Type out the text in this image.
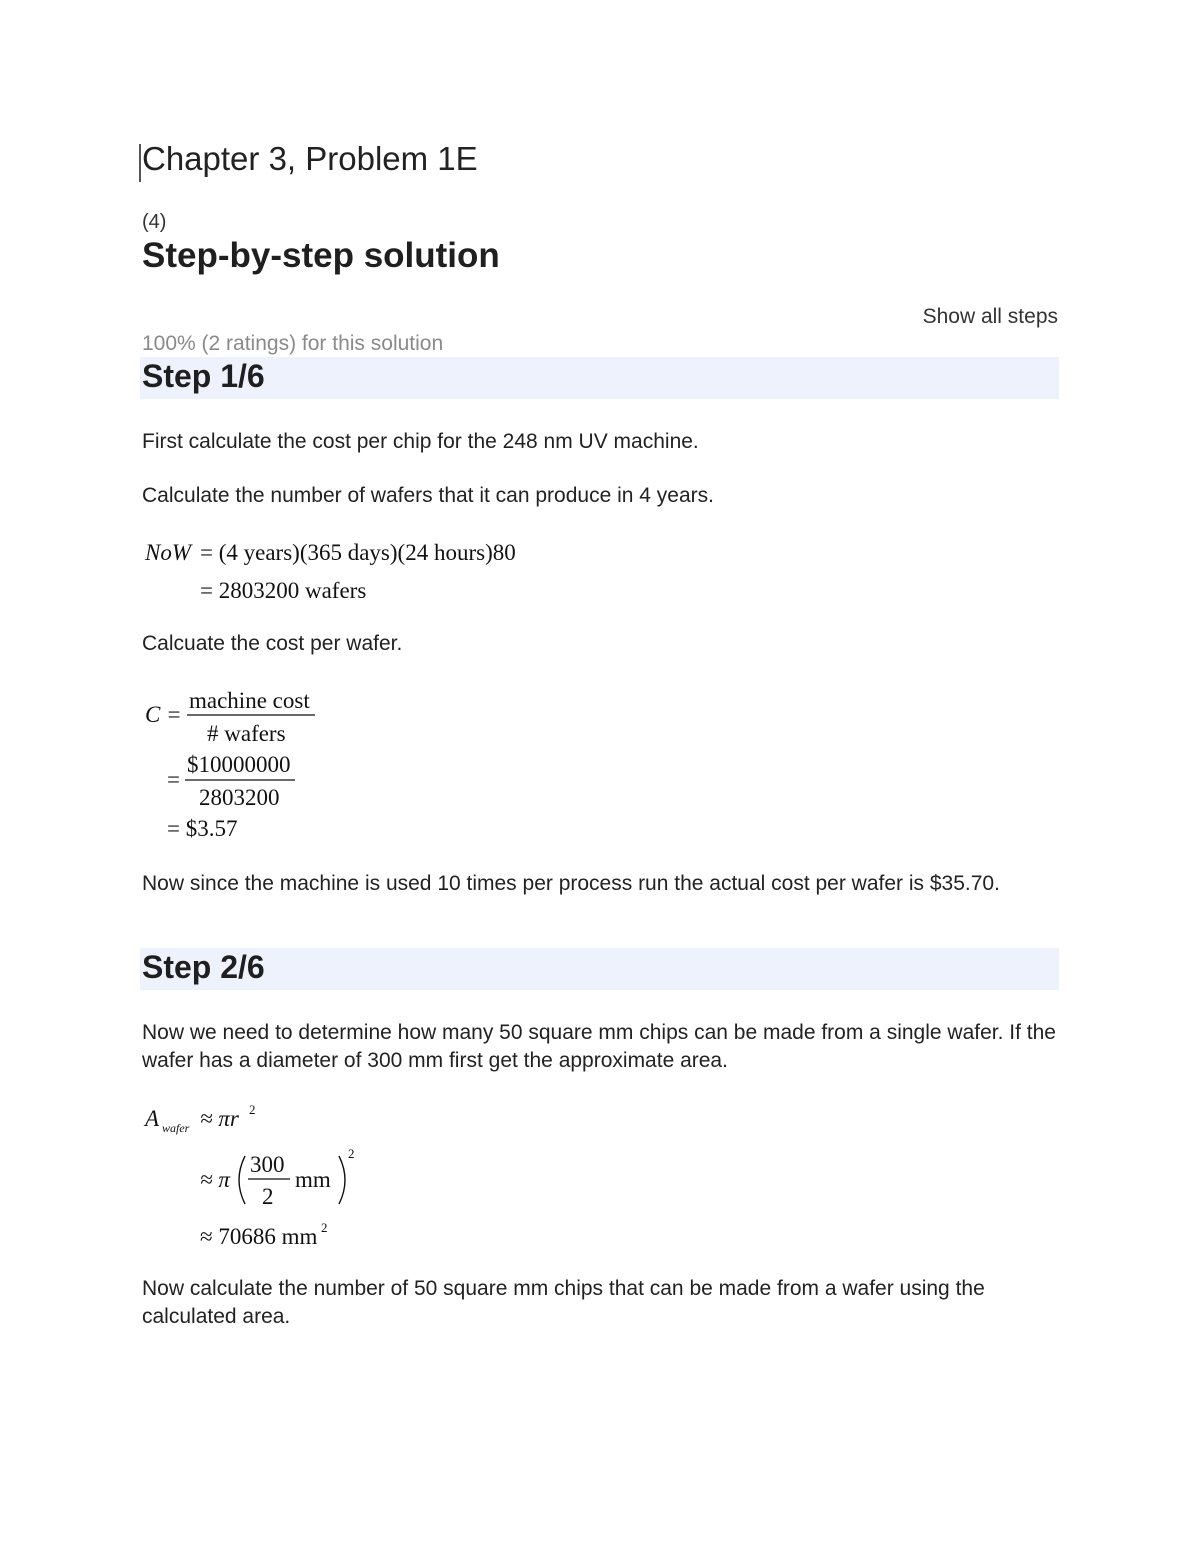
Chapter 3, Problem 1E
(4)
Step-by-step solution
Show all steps
100% (2 ratings) for this solution
Step 1/6
First calculate the cost per chip for the 248 nm UV machine.
Calculate the number of wafers that it can produce in 4 years.
NoW = (4 years)(365 days)(24 hours)80
= 2803200 wafers
Calcuate the cost per wafer.
C =
machine cost
# wafers
=
$10000000
2803200
= $3.57
Now since the machine is used 10 times per process run the actual cost per wafer is $35.70.
Step 2/6
Now we need to determine how many 50 square mm chips can be made from a single wafer. If the wafer has a diameter of 300 mm first get the approximate area.
A wafer ≈ πr 2
≈ π
300
2
mm
2
≈ 70686 mm 2
Now calculate the number of 50 square mm chips that can be made from a wafer using the calculated area.
